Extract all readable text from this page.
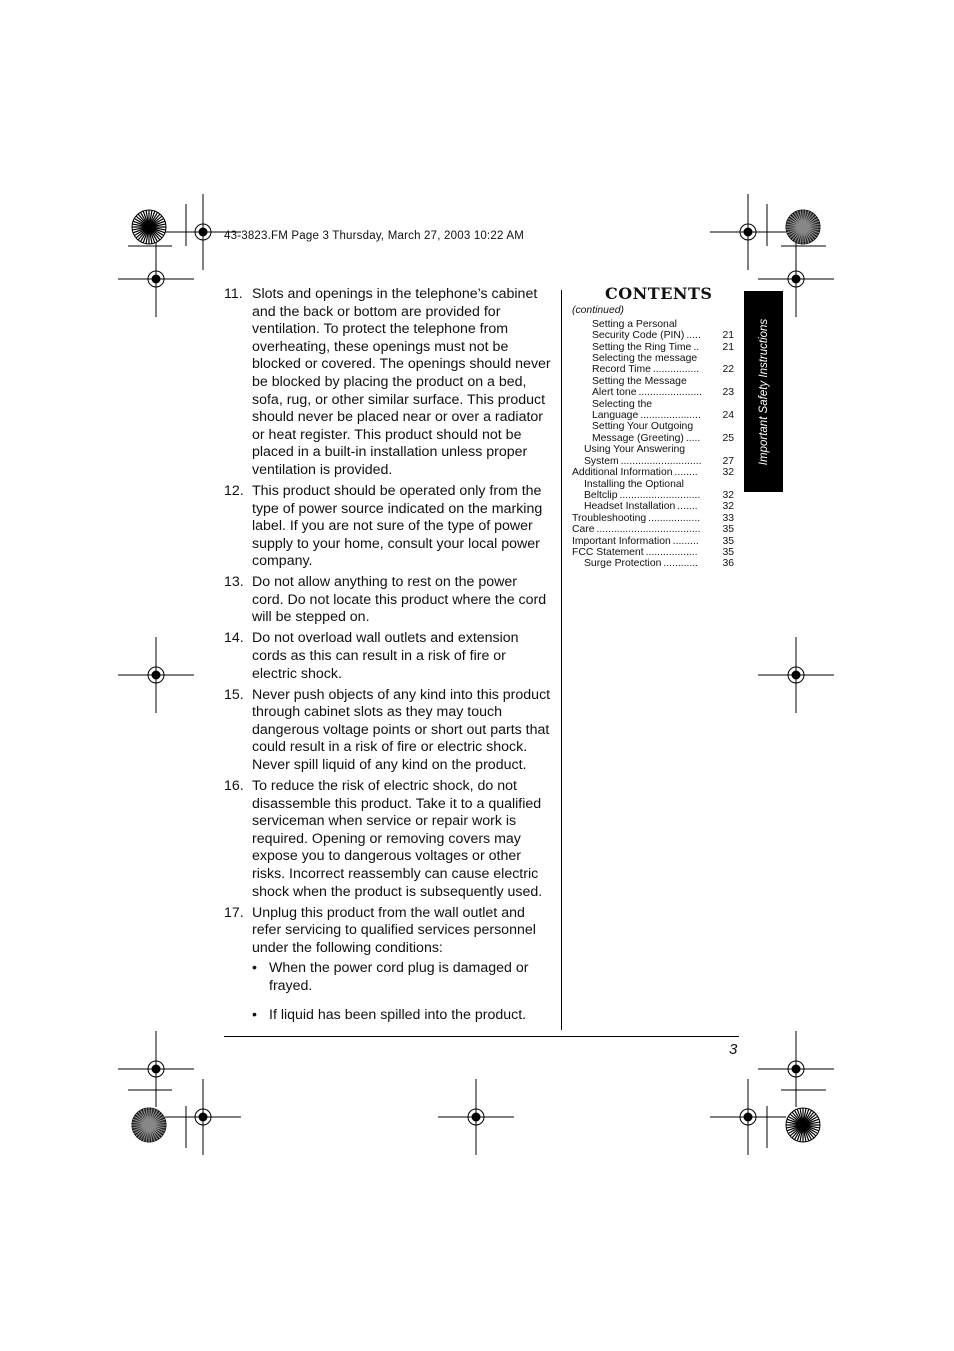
43-3823.FM Page 3 Thursday, March 27, 2003 10:22 AM
11. Slots and openings in the telephone’s cabinet and the back or bottom are provided for ventilation. To protect the telephone from overheating, these openings must not be blocked or covered. The openings should never be blocked by placing the product on a bed, sofa, rug, or other similar surface. This product should never be placed near or over a radiator or heat register. This product should not be placed in a built-in installation unless proper ventilation is provided.
12. This product should be operated only from the type of power source indicated on the marking label. If you are not sure of the type of power supply to your home, consult your local power company.
13. Do not allow anything to rest on the power cord. Do not locate this product where the cord will be stepped on.
14. Do not overload wall outlets and extension cords as this can result in a risk of fire or electric shock.
15. Never push objects of any kind into this product through cabinet slots as they may touch dangerous voltage points or short out parts that could result in a risk of fire or electric shock. Never spill liquid of any kind on the product.
16. To reduce the risk of electric shock, do not disassemble this product. Take it to a qualified serviceman when service or repair work is required. Opening or removing covers may expose you to dangerous voltages or other risks. Incorrect reassembly can cause electric shock when the product is subsequently used.
17. Unplug this product from the wall outlet and refer servicing to qualified services personnel under the following conditions:
• When the power cord plug is damaged or frayed.
• If liquid has been spilled into the product.
CONTENTS
(continued)
Setting a Personal
Security Code (PIN) .....	21
Setting the Ring Time ..	21
Selecting the message
Record Time ................	22
Setting the Message
Alert tone ......................	23
Selecting the
Language .....................	24
Setting Your Outgoing
Message (Greeting) .....	25
Using Your Answering
System ............................	27
Additional Information ........	32
Installing the Optional
Beltclip ............................	32
Headset Installation .......	32
Troubleshooting ..................	33
Care ....................................	35
Important Information .........	35
FCC Statement ..................	35
Surge Protection ............	36
Important Safety Instructions
3
